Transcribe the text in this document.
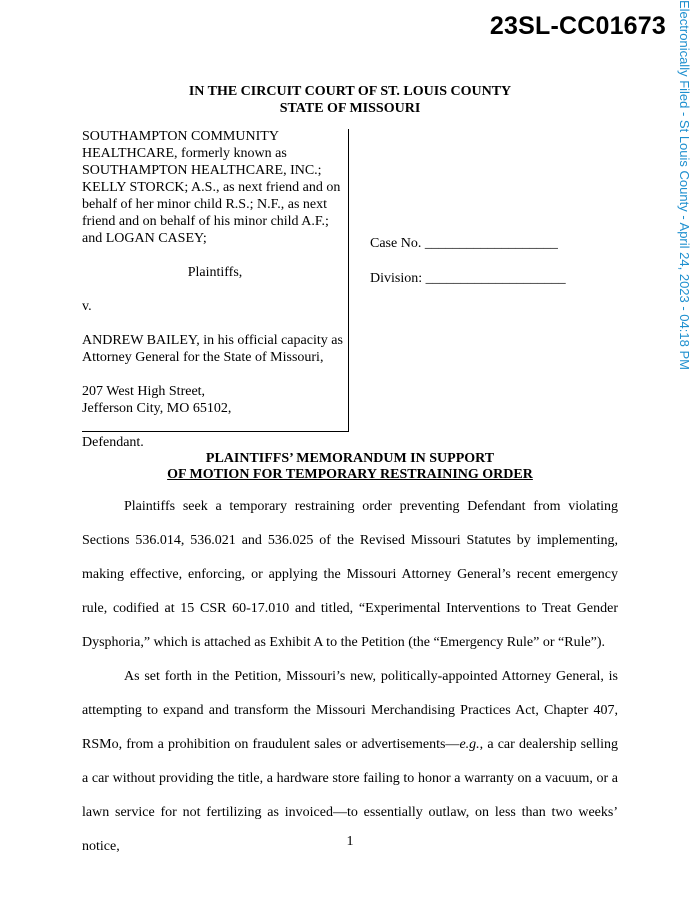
23SL-CC01673 Electronically Filed - St Louis County - April 24, 2023 - 04:18 PM
IN THE CIRCUIT COURT OF ST. LOUIS COUNTY
STATE OF MISSOURI

SOUTHAMPTON COMMUNITY HEALTHCARE, formerly known as SOUTHAMPTON HEALTHCARE, INC.; KELLY STORCK; A.S., as next friend and on behalf of her minor child R.S.; N.F., as next friend and on behalf of his minor child A.F.; and LOGAN CASEY;

Plaintiffs,

v.

ANDREW BAILEY, in his official capacity as Attorney General for the State of Missouri,

207 West High Street,

Jefferson City, MO 65102,

Defendant.

Case No. ___________________

Division: ____________________

PLAINTIFFS’ MEMORANDUM IN SUPPORT
OF MOTION FOR TEMPORARY RESTRAINING ORDER

Plaintiffs seek a temporary restraining order preventing Defendant from violating Sections 536.014, 536.021 and 536.025 of the Revised Missouri Statutes by implementing, making effective, enforcing, or applying the Missouri Attorney General’s recent emergency rule, codified at 15 CSR 60-17.010 and titled, “Experimental Interventions to Treat Gender Dysphoria,” which is attached as Exhibit A to the Petition (the “Emergency Rule” or “Rule”).

As set forth in the Petition, Missouri’s new, politically-appointed Attorney General, is attempting to expand and transform the Missouri Merchandising Practices Act, Chapter 407, RSMo, from a prohibition on fraudulent sales or advertisements—e.g., a car dealership selling a car without providing the title, a hardware store failing to honor a warranty on a vacuum, or a lawn service for not fertilizing as invoiced—to essentially outlaw, on less than two weeks’ notice,	1
